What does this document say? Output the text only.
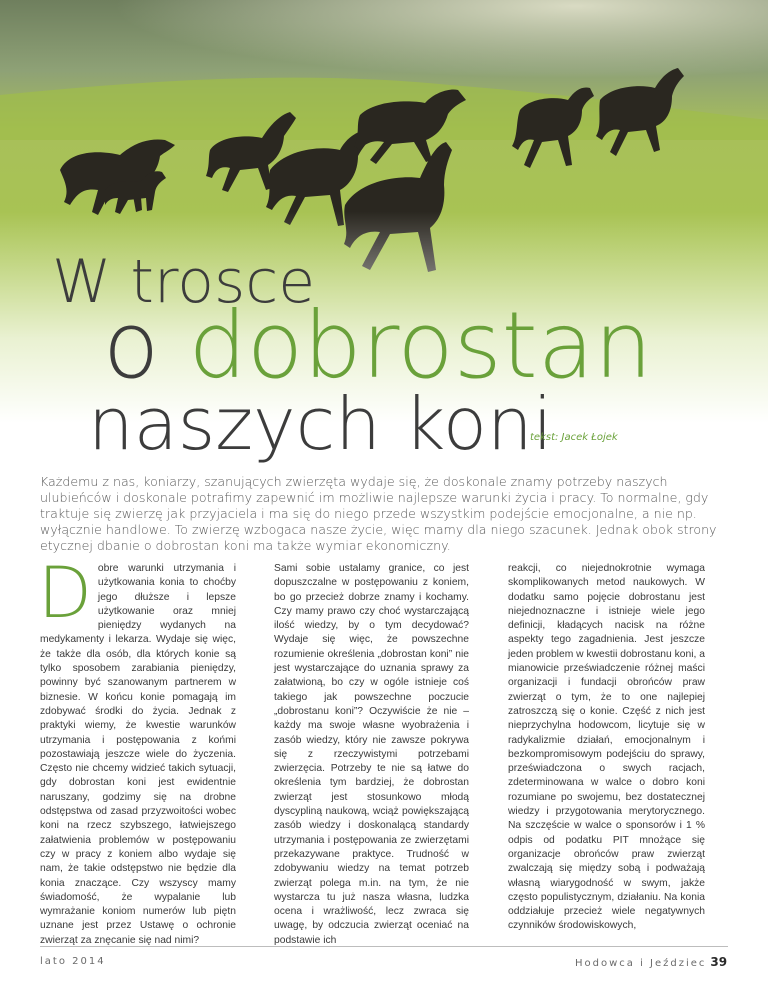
W trosce
o dobrostan
naszych koni
tekst: Jacek Łojek
Każdemu z nas, koniarzy, szanujących zwierzęta wydaje się, że doskonale znamy potrzeby naszych ulubieńców i doskonale potrafimy zapewnić im możliwie najlepsze warunki życia i pracy. To normalne, gdy traktuje się zwierzę jak przyjaciela i ma się do niego przede wszystkim podejście emocjonalne, a nie np. wyłącznie handlowe. To zwierzę wzbogaca nasze życie, więc mamy dla niego szacunek. Jednak obok strony etycznej dbanie o dobrostan koni ma także wymiar ekonomiczny.
Dobre warunki utrzymania i użytkowania konia to choćby jego dłuższe i lepsze użytkowanie oraz mniej pieniędzy wydanych na medykamenty i lekarza. Wydaje się więc, że także dla osób, dla których konie są tylko sposobem zarabiania pieniędzy, powinny być szanowanym partnerem w biznesie. W końcu konie pomagają im zdobywać środki do życia. Jednak z praktyki wiemy, że kwestie warunków utrzymania i postępowania z końmi pozostawiają jeszcze wiele do życzenia. Często nie chcemy widzieć takich sytuacji, gdy dobrostan koni jest ewidentnie naruszany, godzimy się na drobne odstępstwa od zasad przyzwoitości wobec koni na rzecz szybszego, łatwiejszego załatwienia problemów w postępowaniu czy w pracy z koniem albo wydaje się nam, że takie odstępstwo nie będzie dla konia znaczące. Czy wszyscy mamy świadomość, że wypalanie lub wymrażanie koniom numerów lub piętn uznane jest przez Ustawę o ochronie zwierząt za znęcanie się nad nimi?
Sami sobie ustalamy granice, co jest dopuszczalne w postępowaniu z koniem, bo go przecież dobrze znamy i kochamy. Czy mamy prawo czy choć wystarczającą ilość wiedzy, by o tym decydować? Wydaje się więc, że powszechne rozumienie określenia „dobrostan koni” nie jest wystarczające do uznania sprawy za załatwioną, bo czy w ogóle istnieje coś takiego jak powszechne poczucie „dobrostanu koni”? Oczywiście że nie – każdy ma swoje własne wyobrażenia i zasób wiedzy, który nie zawsze pokrywa się z rzeczywistymi potrzebami zwierzęcia. Potrzeby te nie są łatwe do określenia tym bardziej, że dobrostan zwierząt jest stosunkowo młodą dyscypliną naukową, wciąż powiększającą zasób wiedzy i doskonalącą standardy utrzymania i postępowania ze zwierzętami przekazywane praktyce. Trudność w zdobywaniu wiedzy na temat potrzeb zwierząt polega m.in. na tym, że nie wystarcza tu już nasza własna, ludzka ocena i wrażliwość, lecz zwraca się uwagę, by odczucia zwierząt oceniać na podstawie ich
reakcji, co niejednokrotnie wymaga skomplikowanych metod naukowych. W dodatku samo pojęcie dobrostanu jest niejednoznaczne i istnieje wiele jego definicji, kładących nacisk na różne aspekty tego zagadnienia. Jest jeszcze jeden problem w kwestii dobrostanu koni, a mianowicie przeświadczenie różnej maści organizacji i fundacji obrońców praw zwierząt o tym, że to one najlepiej zatroszczą się o konie. Część z nich jest nieprzychylna hodowcom, licytuje się w radykalizmie działań, emocjonalnym i bezkompromisowym podejściu do sprawy, przeświadczona o swych racjach, zdeterminowana w walce o dobro koni rozumiane po swojemu, bez dostatecznej wiedzy i przygotowania merytorycznego. Na szczęście w walce o sponsorów i 1 % odpis od podatku PIT mnożące się organizacje obrońców praw zwierząt zwalczają się między sobą i podważają własną wiarygodność w swym, jakże często populistycznym, działaniu. Na konia oddziałuje przecież wiele negatywnych czynników środowiskowych,
lato 2014	Hodowca i Jeździec 39
